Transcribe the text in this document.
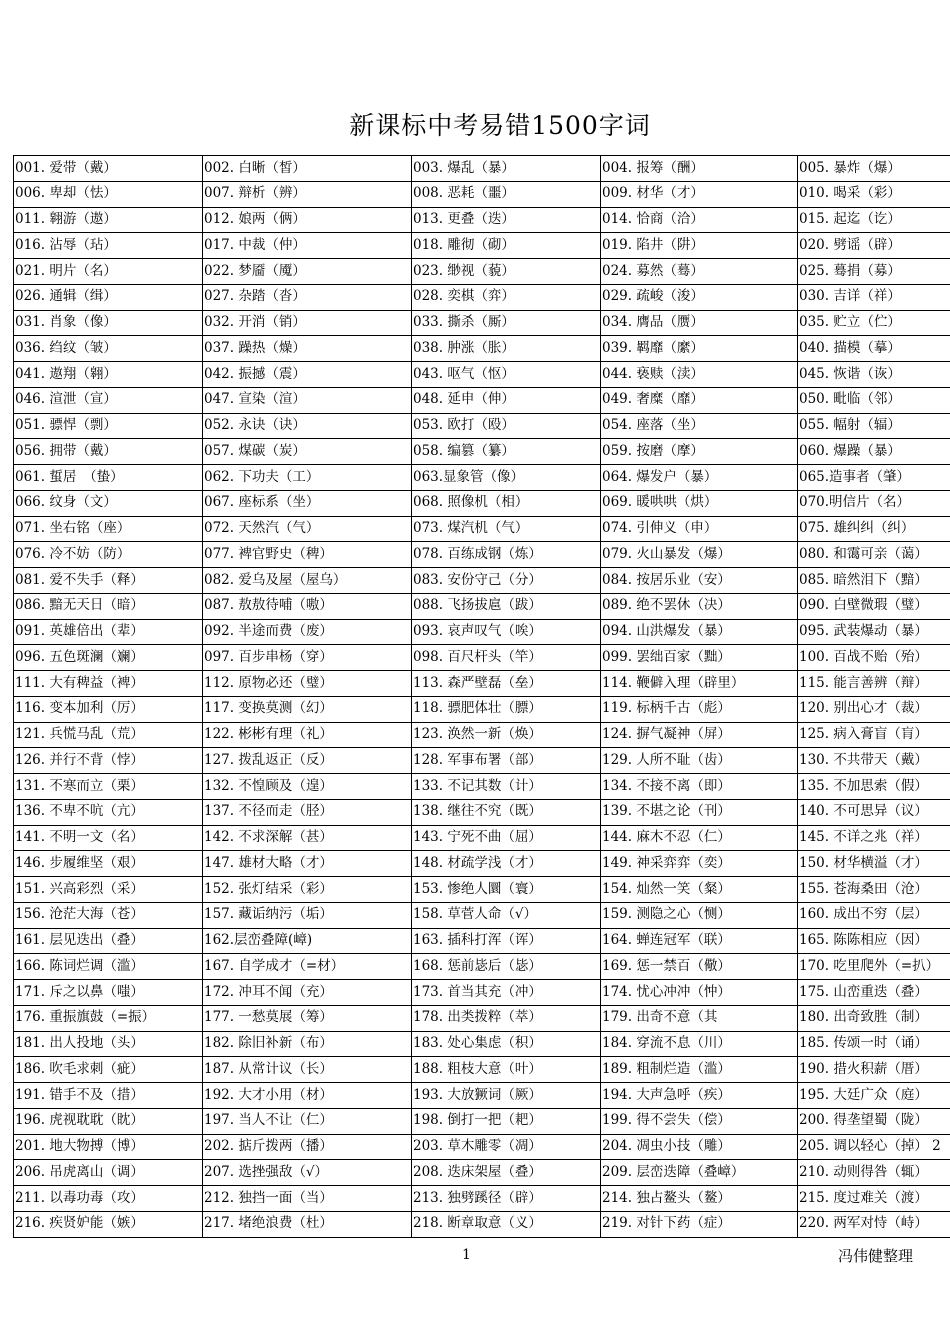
新课标中考易错1500字词
001. 爱带（戴）	002. 白晰（皙）	003. 爆乱（暴）	004. 报筹（酬）	005. 暴炸（爆）
006. 卑却（怯）	007. 辩析（辨）	008. 恶耗（噩）	009. 材华（才）	010. 喝采（彩）
011. 翱游（遨）	012. 娘两（俩）	013. 更叠（迭）	014. 恰商（洽）	015. 起迄（讫）
016. 沾辱（玷）	017. 中裁（仲）	018. 雕彻（砌）	019. 陷井（阱）	020. 劈谣（辟）
021. 明片（名）	022. 梦靥（魇）	023. 缈视（藐）	024. 募然（蓦）	025. 蓦捐（募）
026. 通辑（缉）	027. 杂踏（沓）	028. 奕棋（弈）	029. 疏峻（浚）	030. 吉详（祥）
031. 肖象（像）	032. 开消（销）	033. 撕杀（厮）	034. 膺品（赝）	035. 贮立（伫）
036. 绉纹（皱）	037. 躁热（燥）	038. 肿涨（胀）	039. 羁靡（縻）	040. 描模（摹）
041. 遨翔（翱）	042. 振撼（震）	043. 呕气（怄）	044. 亵赎（渎）	045. 恢谐（诙）
046. 渲泄（宣）	047. 宣染（渲）	048. 延申（伸）	049. 奢糜（靡）	050. 毗临（邻）
051. 骠悍（剽）	052. 永诀（诀）	053. 欧打（殴）	054. 座落（坐）	055. 幅射（辐）
056. 拥带（戴）	057. 煤碳（炭）	058. 编篡（纂）	059. 按磨（摩）	060. 爆躁（暴）
061. 蜇居　（蛰）	062. 下功夫（工）	063.显象管（像）	064. 爆发户（暴）	065.造事者（肇）
066. 纹身（文）	067. 座标系（坐）	068. 照像机（相）	069. 暖哄哄（烘）	070.明信片（名）
071. 坐右铭（座）	072. 天然汽（气）	073. 煤汽机（气）	074. 引伸义（申）	075. 雄纠纠（纠）
076. 冷不妨（防）	077. 裨官野史（稗）	078. 百练成钢（炼）	079. 火山暴发（爆）	080. 和霭可亲（蔼）
081. 爱不失手（释）	082. 爱乌及屋（屋乌）	083. 安份守己（分）	084. 按居乐业（安）	085. 暗然泪下（黯）
086. 黯无天日（暗）	087. 敖敖待哺（嗷）	088. 飞扬拔扈（跋）	089. 绝不罢休（决）	090. 白壁微瑕（璧）
091. 英雄倍出（辈）	092. 半途而费（废）	093. 哀声叹气（唉）	094. 山洪爆发（暴）	095. 武装爆动（暴）
096. 五色斑澜（斓）	097. 百步串杨（穿）	098. 百尺杆头（竿）	099. 罢绌百家（黜）	100. 百战不贻（殆）
111. 大有稗益（裨）	112. 原物必还（璧）	113. 森严壁磊（垒）	114. 鞭僻入理（辟里）	115. 能言善辨（辩）
116. 变本加利（厉）	117. 变换莫测（幻）	118. 骠肥体壮（膘）	119. 标柄千古（彪）	120. 别出心才（裁）
121. 兵慌马乱（荒）	122. 彬彬有理（礼）	123. 涣然一新（焕）	124. 摒气凝神（屏）	125. 病入膏盲（肓）
126. 并行不背（悖）	127. 拨乱返正（反）	128. 军事布署（部）	129. 人所不耻（齿）	130. 不共带天（戴）
131. 不寒而立（栗）	132. 不惶顾及（遑）	133. 不记其数（计）	134. 不接不离（即）	135. 不加思索（假）
136. 不卑不吭（亢）	137. 不径而走（胫）	138. 继往不究（既）	139. 不堪之论（刊）	140. 不可思异（议）
141. 不明一文（名）	142. 不求深解（甚）	143. 宁死不曲（屈）	144. 麻木不忍（仁）	145. 不详之兆（祥）
146. 步履维坚（艰）	147. 雄材大略（才）	148. 材疏学浅（才）	149. 神采弈弈（奕）	150. 材华横溢（才）
151. 兴高彩烈（采）	152. 张灯结采（彩）	153. 惨绝人圜（寰）	154. 灿然一笑（粲）	155. 苍海桑田（沧）
156. 沧茫大海（苍）	157. 藏诟纳污（垢）	158. 草菅人命（√）	159. 测隐之心（恻）	160. 成出不穷（层）
161. 层见迭出（叠）	162.层峦叠障(嶂)	163. 插科打浑（诨）	164. 蝉连冠军（联）	165. 陈陈相应（因）
166. 陈词烂调（滥）	167. 自学成才（=材）	168. 惩前毖后（毖）	169. 惩一禁百（儆）	170. 吃里爬外（=扒）
171. 斥之以鼻（嗤）	172. 冲耳不闻（充）	173. 首当其充（冲）	174. 忧心冲冲（忡）	175. 山峦重迭（叠）
176. 重振旗鼓（=振）	177. 一愁莫展（筹）	178. 出类拨粹（萃）	179. 出奇不意（其	180. 出奇致胜（制）
181. 出人投地（头）	182. 除旧补新（布）	183. 处心集虑（积）	184. 穿流不息（川）	185. 传颂一时（诵）
186. 吹毛求刺（疵）	187. 从常计议（长）	188. 粗枝大意（叶）	189. 粗制烂造（滥）	190. 措火积薪（厝）
191. 错手不及（措）	192. 大才小用（材）	193. 大放獗词（厥）	194. 大声急呼（疾）	195. 大廷广众（庭）
196. 虎视耽耽（眈）	197. 当人不让（仁）	198. 倒打一把（耙）	199. 得不尝失（偿）	200. 得垄望蜀（陇）
201. 地大物搏（博）	202. 掂斤拨两（播）	203. 草木雕零（凋）	204. 凋虫小技（雕）	205. 调以轻心（掉） 2
206. 吊虎离山（调）	207. 选挫强敌（√）	208. 迭床架屋（叠）	209. 层峦迭障（叠嶂）	210. 动则得咎（辄）
211. 以毒功毒（攻）	212. 独挡一面（当）	213. 独劈蹊径（辟）	214. 独占鳌头（鳌）	215. 度过难关（渡）
216. 疾贤妒能（嫉）	217. 堵绝浪费（杜）	218. 断章取意（义）	219. 对针下药（症）	220. 两军对恃（峙）
1	冯伟健整理
